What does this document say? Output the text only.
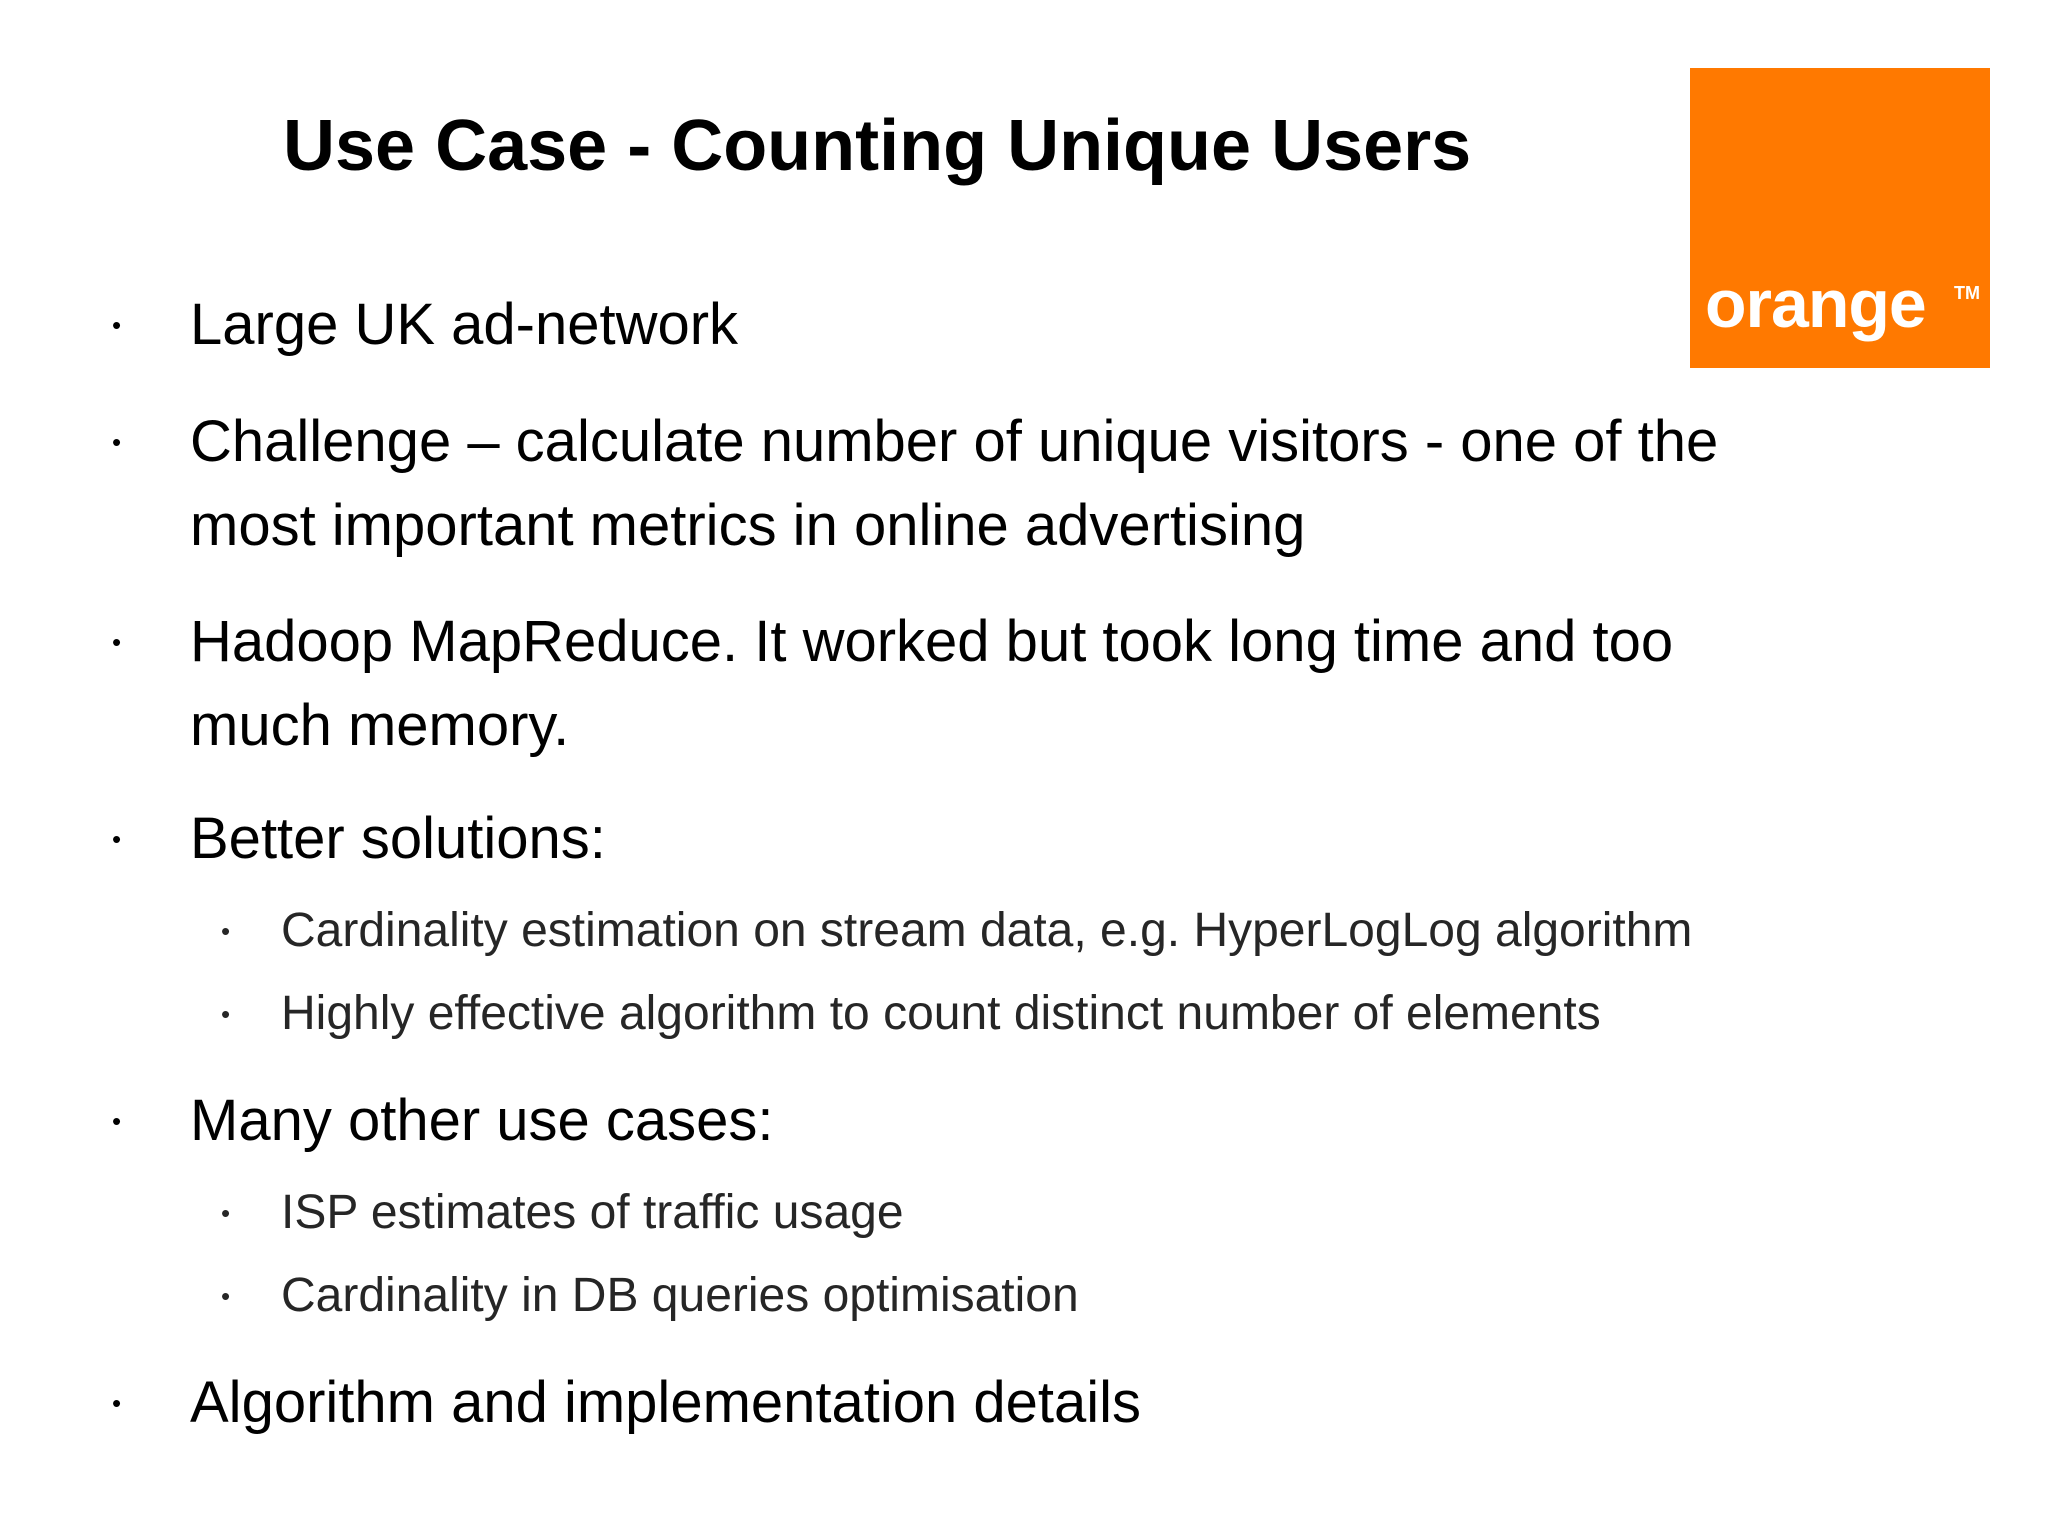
Use Case - Counting Unique Users
orange TM
• Large UK ad-network
• Challenge – calculate number of unique visitors - one of the
most important metrics in online advertising
• Hadoop MapReduce. It worked but took long time and too
much memory.
• Better solutions:
• Cardinality estimation on stream data, e.g. HyperLogLog algorithm
• Highly effective algorithm to count distinct number of elements
• Many other use cases:
• ISP estimates of traffic usage
• Cardinality in DB queries optimisation
• Algorithm and implementation details
